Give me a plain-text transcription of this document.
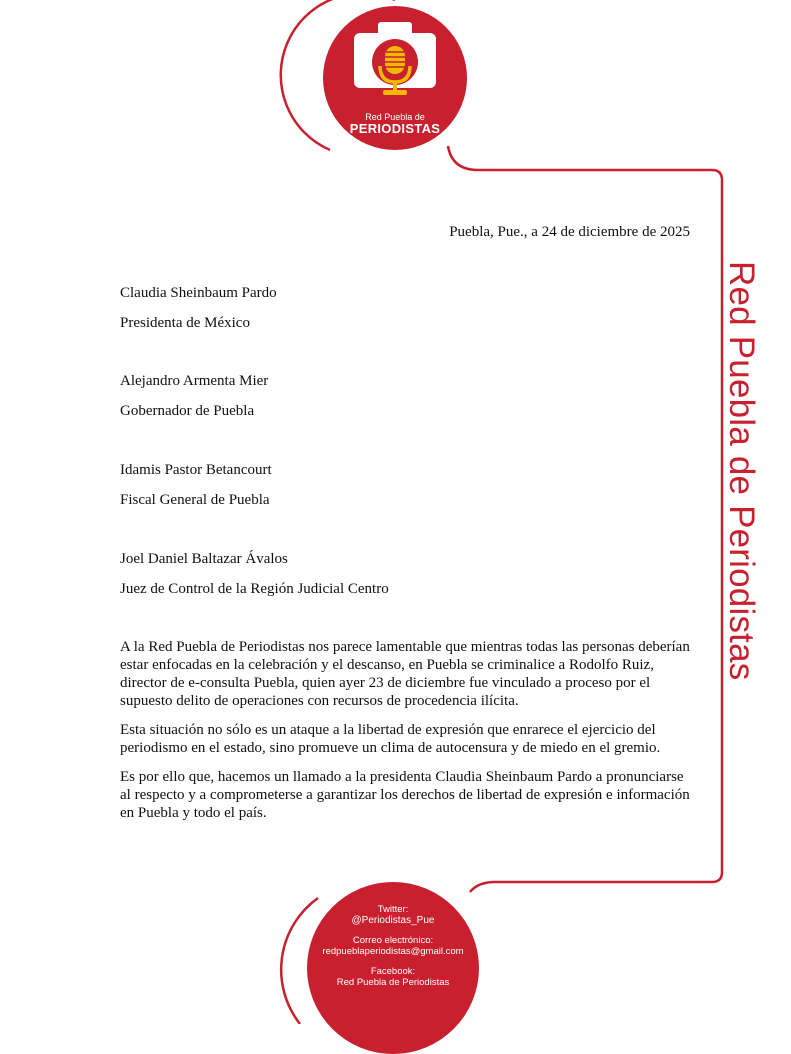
Red Puebla de
PERIODISTAS
Red Puebla de Periodistas
Puebla, Pue., a 24 de diciembre de 2025
Claudia Sheinbaum Pardo
Presidenta de México
Alejandro Armenta Mier
Gobernador de Puebla
Idamis Pastor Betancourt
Fiscal General de Puebla
Joel Daniel Baltazar Ávalos
Juez de Control de la Región Judicial Centro

A la Red Puebla de Periodistas nos parece lamentable que mientras todas las personas deberían estar enfocadas en la celebración y el descanso, en Puebla se criminalice a Rodolfo Ruiz, director de e-consulta Puebla, quien ayer 23 de diciembre fue vinculado a proceso por el supuesto delito de operaciones con recursos de procedencia ilícita.

Esta situación no sólo es un ataque a la libertad de expresión que enrarece el ejercicio del periodismo en el estado, sino promueve un clima de autocensura y de miedo en el gremio.

Es por ello que, hacemos un llamado a la presidenta Claudia Sheinbaum Pardo a pronunciarse al respecto y a comprometerse a garantizar los derechos de libertad de expresión e información en Puebla y todo el país.

Twitter:
@Periodistas_Pue
Correo electrónico:
redpueblaperiodistas@gmail.com
Facebook:
Red Puebla de Periodistas
